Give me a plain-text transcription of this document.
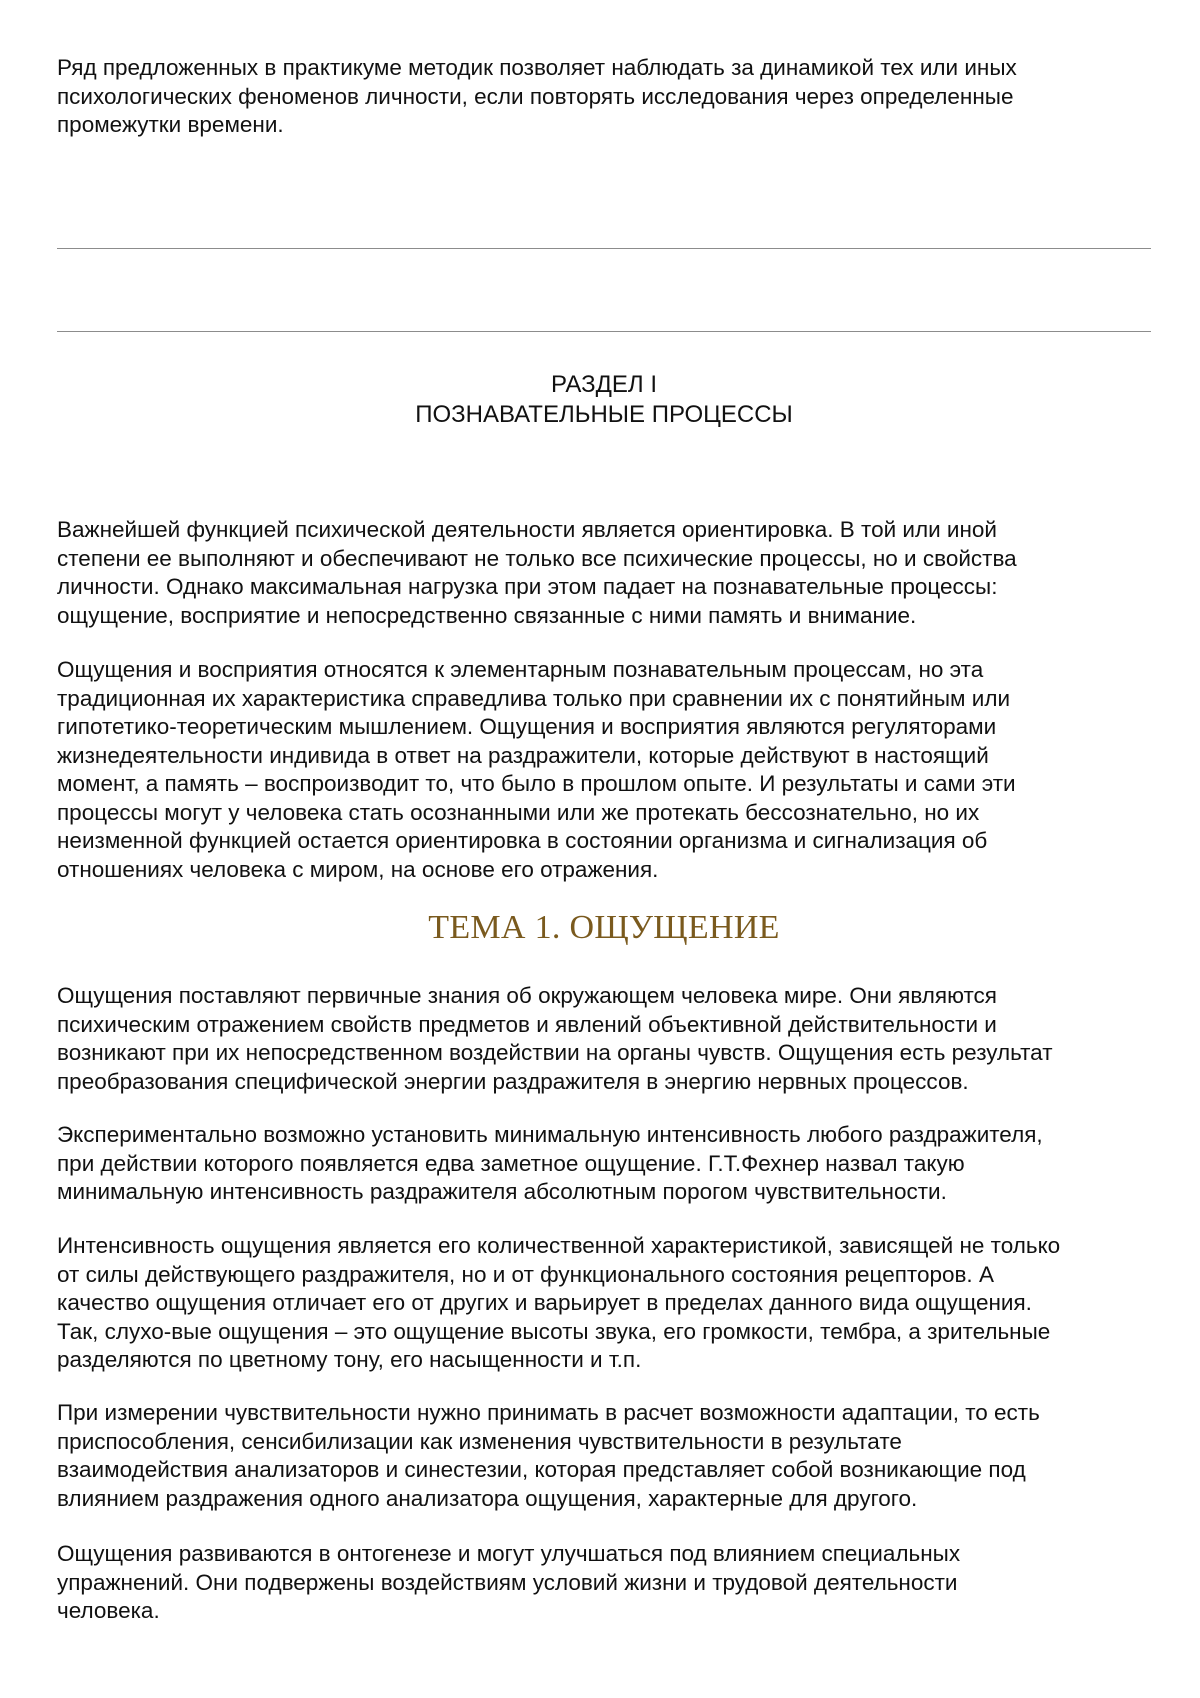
Ряд предложенных в практикуме методик позволяет наблюдать за динамикой тех или иных
психологических феноменов личности, если повторять исследования через определенные
промежутки времени.

РАЗДЕЛ I
ПОЗНАВАТЕЛЬНЫЕ ПРОЦЕССЫ

Важнейшей функцией психической деятельности является ориентировка. В той или иной
степени ее выполняют и обеспечивают не только все психические процессы, но и свойства
личности. Однако максимальная нагрузка при этом падает на познавательные процессы:
ощущение, восприятие и непосредственно связанные с ними память и внимание.

Ощущения и восприятия относятся к элементарным познавательным процессам, но эта
традиционная их характеристика справедлива только при сравнении их с понятийным или
гипотетико-теоретическим мышлением. Ощущения и восприятия являются регуляторами
жизнедеятельности индивида в ответ на раздражители, которые действуют в настоящий
момент, а память – воспроизводит то, что было в прошлом опыте. И результаты и сами эти
процессы могут у человека стать осознанными или же протекать бессознательно, но их
неизменной функцией остается ориентировка в состоянии организма и сигнализация об
отношениях человека с миром, на основе его отражения.

ТЕМА 1. ОЩУЩЕНИЕ

Ощущения поставляют первичные знания об окружающем человека мире. Они являются
психическим отражением свойств предметов и явлений объективной действительности и
возникают при их непосредственном воздействии на органы чувств. Ощущения есть результат
преобразования специфической энергии раздражителя в энергию нервных процессов.

Экспериментально возможно установить минимальную интенсивность любого раздражителя,
при действии которого появляется едва заметное ощущение. Г.Т.Фехнер назвал такую
минимальную интенсивность раздражителя абсолютным порогом чувствительности.

Интенсивность ощущения является его количественной характеристикой, зависящей не только
от силы действующего раздражителя, но и от функционального состояния рецепторов. А
качество ощущения отличает его от других и варьирует в пределах данного вида ощущения.
Так, слухо-вые ощущения – это ощущение высоты звука, его громкости, тембра, а зрительные
разделяются по цветному тону, его насыщенности и т.п.

При измерении чувствительности нужно принимать в расчет возможности адаптации, то есть
приспособления, сенсибилизации как изменения чувствительности в результате
взаимодействия анализаторов и синестезии, которая представляет собой возникающие под
влиянием раздражения одного анализатора ощущения, характерные для другого.

Ощущения развиваются в онтогенезе и могут улучшаться под влиянием специальных
упражнений. Они подвержены воздействиям условий жизни и трудовой деятельности
человека.
